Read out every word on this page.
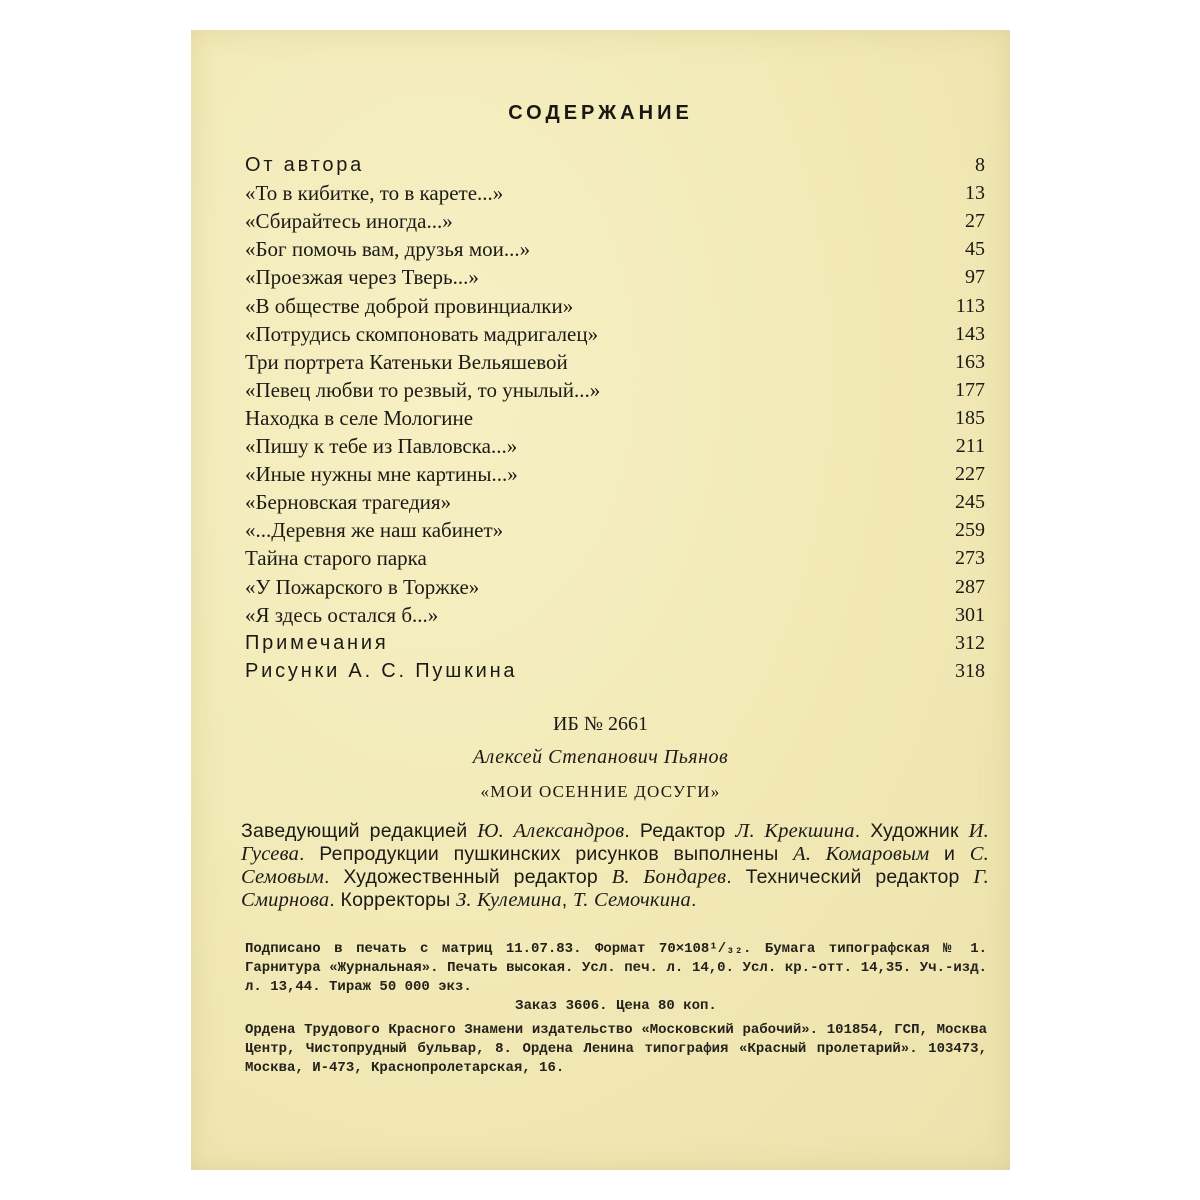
СОДЕРЖАНИЕ
От автора	8
«То в кибитке, то в карете...»	13
«Сбирайтесь иногда...»	27
«Бог помочь вам, друзья мои...»	45
«Проезжая через Тверь...»	97
«В обществе доброй провинциалки»	113
«Потрудись скомпоновать мадригалец»	143
Три портрета Катеньки Вельяшевой	163
«Певец любви то резвый, то унылый...»	177
Находка в селе Мологине	185
«Пишу к тебе из Павловска...»	211
«Иные нужны мне картины...»	227
«Берновская трагедия»	245
«...Деревня же наш кабинет»	259
Тайна старого парка	273
«У Пожарского в Торжке»	287
«Я здесь остался б...»	301
Примечания	312
Рисунки А. С. Пушкина	318
ИБ № 2661
Алексей Степанович Пьянов
«МОИ ОСЕННИЕ ДОСУГИ»
Заведующий редакцией Ю. Александров. Редактор Л. Крекшина. Художник И. Гусева. Репродукции пушкинских рисунков выполнены А. Комаровым и С. Семовым. Художественный редактор В. Бондарев. Технический редактор Г. Смирнова. Корректоры З. Кулемина, Т. Семочкина.
Подписано в печать с матриц 11.07.83. Формат 70×108¹/₃₂. Бумага типографская № 1. Гарнитура «Журнальная». Печать высокая. Усл. печ. л. 14,0. Усл. кр.-отт. 14,35. Уч.-изд. л. 13,44. Тираж 50 000 экз.
Заказ 3606. Цена 80 коп.
Ордена Трудового Красного Знамени издательство «Московский рабочий». 101854, ГСП, Москва Центр, Чистопрудный бульвар, 8. Ордена Ленина типография «Красный пролетарий». 103473, Москва, И-473, Краснопролетарская, 16.
